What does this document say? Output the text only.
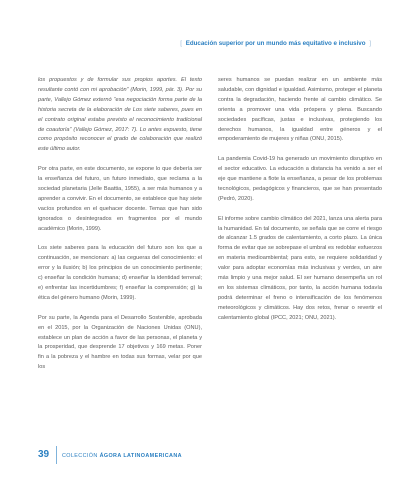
[ Educación superior por un mundo más equitativo e inclusivo ]

los propuestos y de formular sus propios aportes. El texto resultante contó con mi aprobación” (Morin, 1999, pár. 3). Por su parte, Vallejo Gómez externó “esa negociación forma parte de la historia secreta de la elaboración de Los siete saberes, pues en el contrato original estaba previsto el reconocimiento tradicional de coautoría” (Vallejo Gómez, 2017: 7). Lo antes expuesto, tiene como propósito reconocer el grado de colaboración que realizó este último autor.

Por otra parte, en este documento, se expone lo que debería ser la enseñanza del futuro, un futuro inmediato, que reclama a la sociedad planetaria (Jelle Baattia, 1955), a ser más humanos y a aprender a convivir. En el documento, se establece que hay siete vacíos profundos en el quehacer docente. Temas que han sido ignorados o desintegrados en fragmentos por el mundo académico (Morin, 1999).

Los siete saberes para la educación del futuro son los que a continuación, se mencionan: a) las cegueras del conocimiento: el error y la ilusión; b) los principios de un conocimiento pertinente; c) enseñar la condición humana; d) enseñar la identidad terrenal; e) enfrentar las incertidumbres; f) enseñar la comprensión; g) la ética del género humano (Morin, 1999).

Por su parte, la Agenda para el Desarrollo Sostenible, aprobada en el 2015, por la Organización de Naciones Unidas (ONU), establece un plan de acción a favor de las personas, el planeta y la prosperidad, que desprende 17 objetivos y 169 metas. Poner fin a la pobreza y el hambre en todas sus formas, velar por que los

seres humanos se puedan realizar en un ambiente más saludable, con dignidad e igualdad. Asimismo, proteger el planeta contra la degradación, haciendo frente al cambio climático. Se orienta a promover una vida próspera y plena. Buscando sociedades pacíficas, justas e inclusivas, protegiendo los derechos humanos, la igualdad entre géneros y el empoderamiento de mujeres y niñas (ONU, 2015).

La pandemia Covid-19 ha generado un movimiento disruptivo en el sector educativo. La educación a distancia ha venido a ser el eje que mantiene a flote la enseñanza, a pesar de los problemas tecnológicos, pedagógicos y financieros, que se han presentado (Pedró, 2020).

El informe sobre cambio climático del 2021, lanza una alerta para la humanidad. En tal documento, se señala que se corre el riesgo de alcanzar 1.5 grados de calentamiento, a corto plazo. La única forma de evitar que se sobrepase el umbral es redoblar esfuerzos en materia medioambiental; para esto, se requiere solidaridad y valor para adoptar economías más inclusivas y verdes, un aire más limpio y una mejor salud. El ser humano desempeña un rol en los sistemas climáticos, por tanto, la acción humana todavía podrá determinar el freno o intensificación de los fenómenos meteorológicos y climáticos. Hay dos retos, frenar o revertir el calentamiento global (IPCC, 2021; ONU, 2021).

39 COLECCIÓN ÁGORA LATINOAMERICANA
